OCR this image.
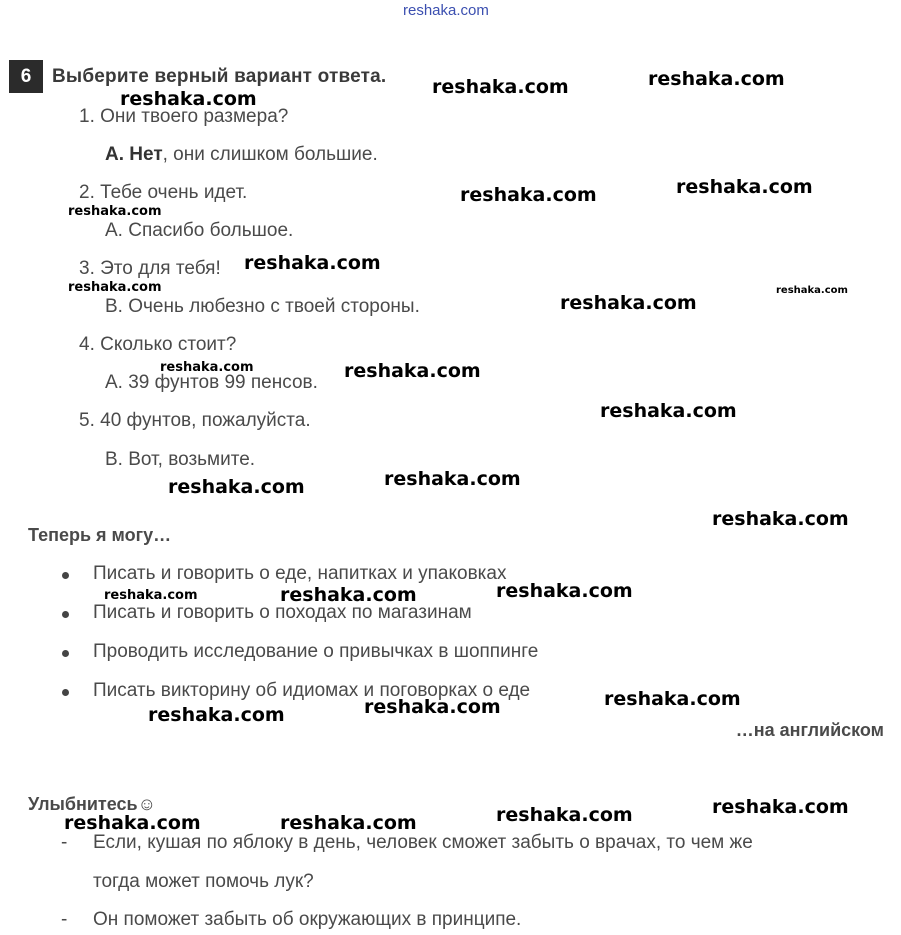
reshaka.com
6	Выберите верный вариант ответа.
1. Они твоего размера?
A. Нет, они слишком большие.
2. Тебе очень идет.
A. Спасибо большое.
3. Это для тебя!
B. Очень любезно с твоей стороны.
4. Сколько стоит?
A. 39 фунтов 99 пенсов.
5. 40 фунтов, пожалуйста.
B. Вот, возьмите.
Теперь я могу…
Писать и говорить о еде, напитках и упаковках
Писать и говорить о походах по магазинам
Проводить исследование о привычках в шоппинге
Писать викторину об идиомах и поговорках о еде
…на английском
Улыбнитесь☺
- Если, кушая по яблоку в день, человек сможет забыть о врачах, то чем же
тогда может помочь лук?
- Он поможет забыть об окружающих в принципе.
reshaka.com	reshaka.com
reshaka.com
reshaka.com	reshaka.com
reshaka.com
reshaka.com
reshaka.com	reshaka.com
reshaka.com
reshaka.com	reshaka.com
reshaka.com
reshaka.com
reshaka.com
reshaka.com
reshaka.com
reshaka.com	reshaka.com
reshaka.com
reshaka.com
reshaka.com
reshaka.com
reshaka.com
reshaka.com	reshaka.com
